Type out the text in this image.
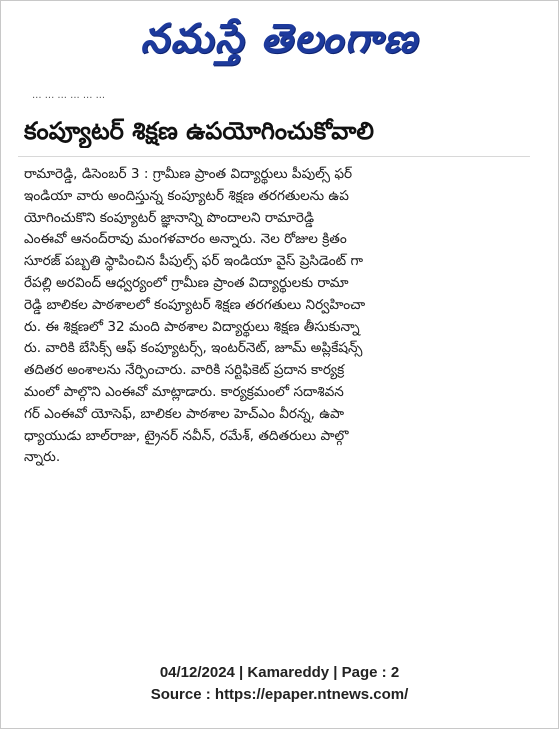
నమస్తే తెలంగాణ
... ... ... ... ... ...
కంప్యూటర్ శిక్షణ ఉపయోగించుకోవాలి
రామారెడ్డి, డిసెంబర్ 3 : గ్రామీణ ప్రాంత విద్యార్థులు పీపుల్స్ ఫర్
ఇండియా వారు అందిస్తున్న కంప్యూటర్ శిక్షణ తరగతులను ఉప
యోగించుకొని కంప్యూటర్ జ్ఞానాన్ని పొందాలని రామారెడ్డి
ఎంఈవో ఆనంద్‌రావు మంగళవారం అన్నారు. నెల రోజుల క్రితం
సూరజ్ పబ్బతి స్థాపించిన పీపుల్స్ ఫర్ ఇండియా వైస్ ప్రెసిడెంట్ గా
రేపల్లి అరవింద్ ఆధ్వర్యంలో గ్రామీణ ప్రాంత విద్యార్థులకు రామా
రెడ్డి బాలికల పాఠశాలలో కంప్యూటర్ శిక్షణ తరగతులు నిర్వహించా
రు. ఈ శిక్షణలో 32 మంది పాఠశాల విద్యార్థులు శిక్షణ తీసుకున్నా
రు. వారికి బేసిక్స్ ఆఫ్ కంప్యూటర్స్, ఇంటర్‌నెట్, జూమ్ అప్లికేషన్స్
తదితర అంశాలను నేర్పించారు. వారికి సర్టిఫికెట్ ప్రదాన కార్యక్ర
మంలో పాల్గొని ఎంఈవో మాట్లాడారు. కార్యక్రమంలో సదాశివన
గర్ ఎంఈవో యోసెఫ్, బాలికల పాఠశాల హెచ్‌ఎం వీరన్న, ఉపా
ధ్యాయుడు బాల్‌రాజు, ట్రైనర్ నవీన్, రమేశ్, తదితరులు పాల్గొ
న్నారు.
04/12/2024 | Kamareddy | Page : 2
Source : https://epaper.ntnews.com/
